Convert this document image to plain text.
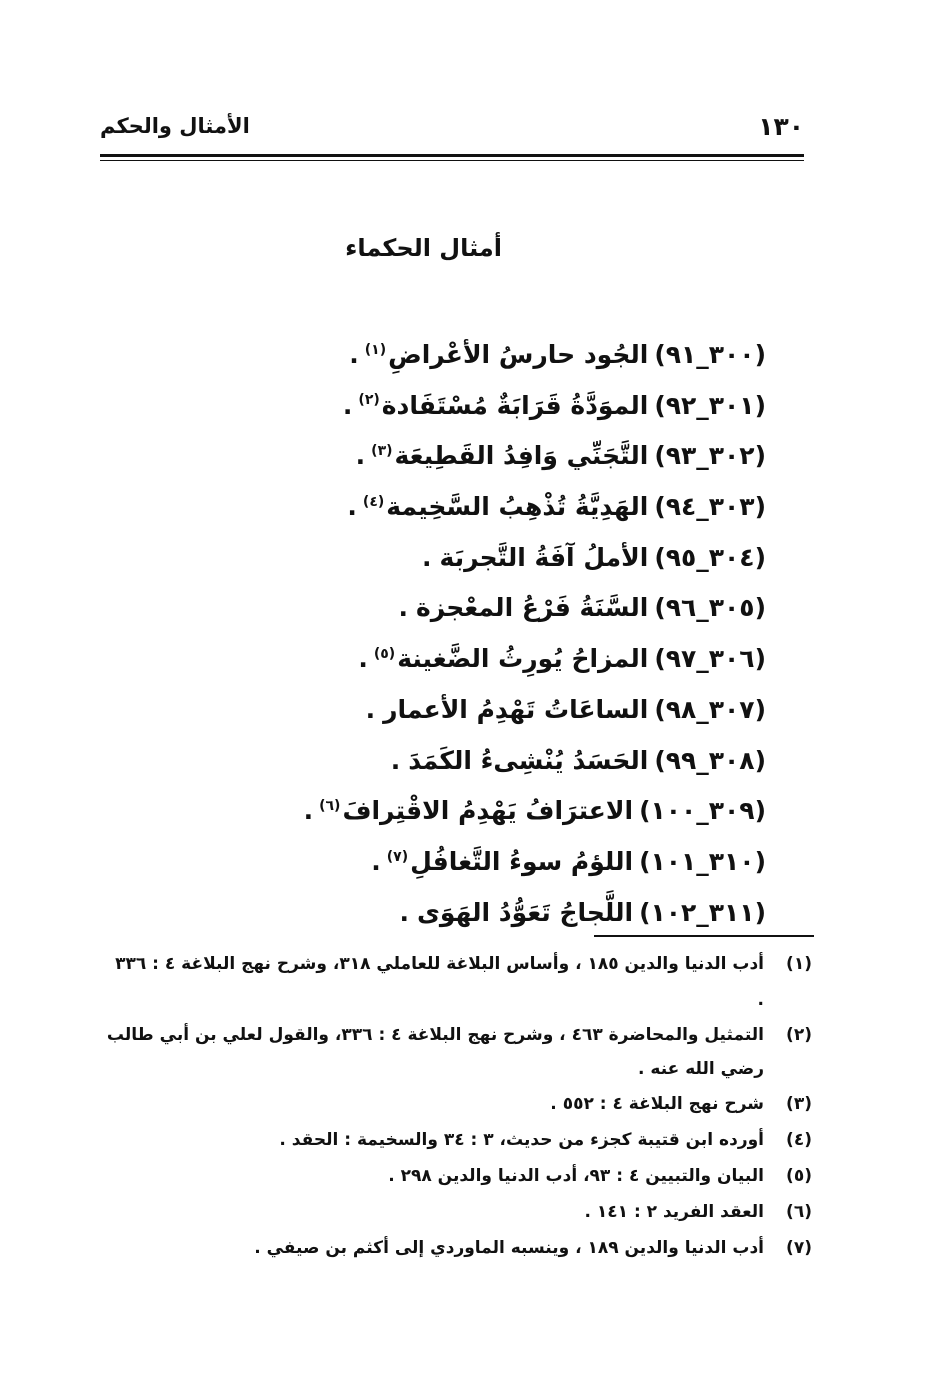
١٣٠
الأمثال والحكم
أمثال الحكماء
(٣٠٠_٩١)الجُود حارسُ الأعْراضِ$^{(١)}$.
(٣٠١_٩٢)الموَدَّةُ قَرَابَةٌ مُسْتَفَادة$^{(٢)}$.
(٣٠٢_٩٣)التَّجَنِّي وَافِدُ القَطِيعَة$^{(٣)}$.
(٣٠٣_٩٤)الهَدِيَّةُ تُذْهِبُ السَّخِيمة$^{(٤)}$.
(٣٠٤_٩٥)الأملُ آفَةُ التَّجربَة.
(٣٠٥_٩٦)السَّنَةُ فَرْعُ المعْجزة.
(٣٠٦_٩٧)المزاحُ يُورِثُ الضَّغينة$^{(٥)}$.
(٣٠٧_٩٨)الساعَاتُ تَهْدِمُ الأعمار.
(٣٠٨_٩٩)الحَسَدُ يُنْشِىءُ الكَمَدَ.
(٣٠٩_١٠٠)الاعترَافُ يَهْدِمُ الاقْتِرافَ$^{(٦)}$.
(٣١٠_١٠١)اللؤمُ سوءُ التَّغافُلِ$^{(٧)}$.
(٣١١_١٠٢)اللَّجاجُ تَعَوُّدُ الهَوَى.
(١)
أدب الدنيا والدين ١٨٥ ، وأساس البلاغة للعاملي ٣١٨، وشرح نهج البلاغة ٤ : ٣٣٦ .
(٢)
التمثيل والمحاضرة ٤٦٣ ، وشرح نهج البلاغة ٤ : ٣٣٦، والقول لعلي بن أبي طالب رضي الله عنه .
(٣)
شرح نهج البلاغة ٤ : ٥٥٢ .
(٤)
أورده ابن قتيبة كجزء من حديث، ٣ : ٣٤ والسخيمة : الحقد .
(٥)
البيان والتبيين ٤ : ٩٣، أدب الدنيا والدين ٢٩٨ .
(٦)
العقد الفريد ٢ : ١٤١ .
(٧)
أدب الدنيا والدين ١٨٩ ، وينسبه الماوردي إلى أكثم بن صيفي .
